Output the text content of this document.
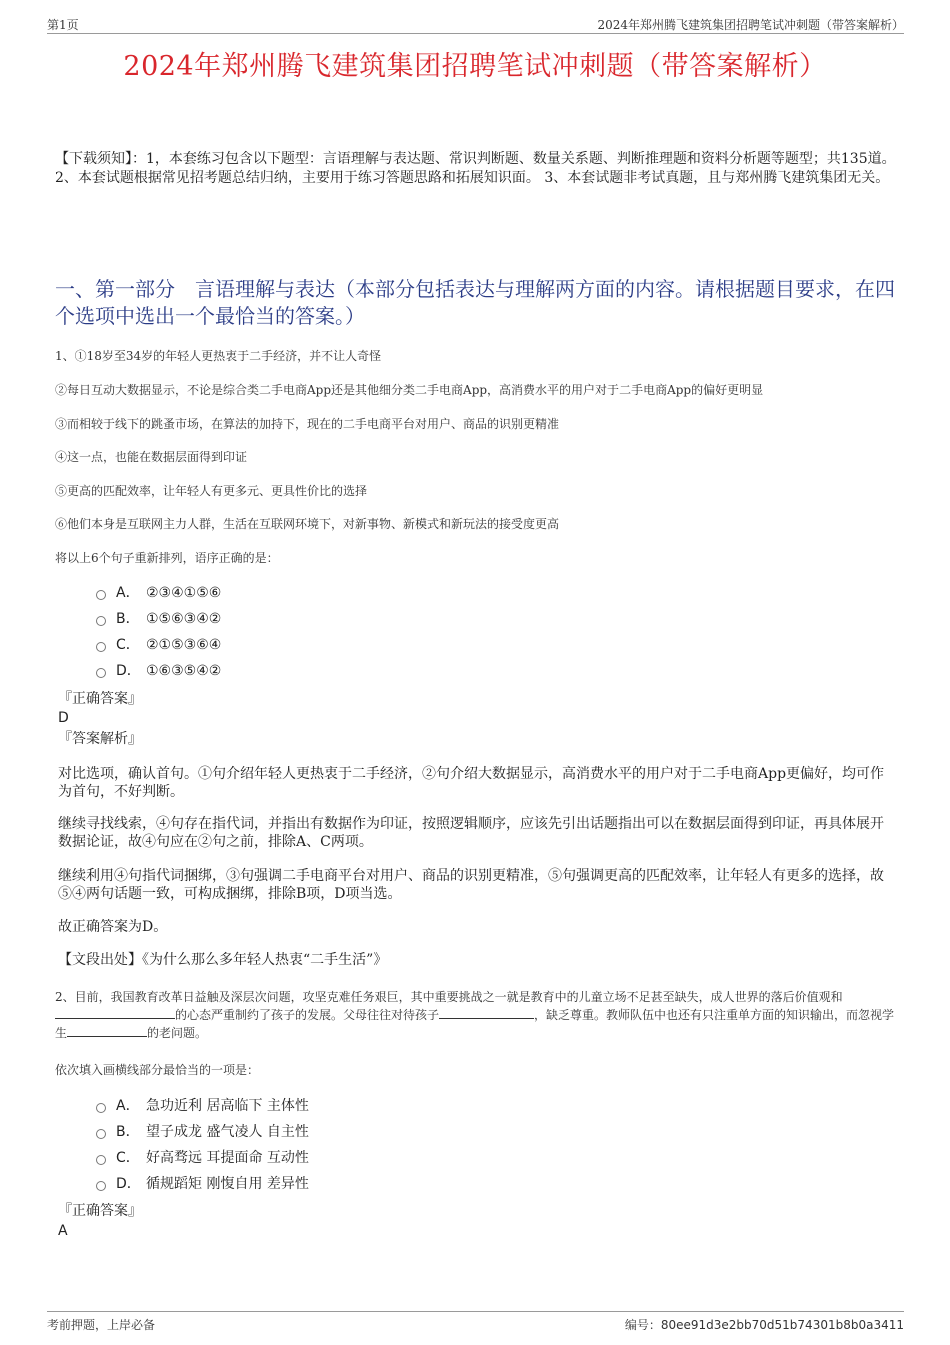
第1页	2024年郑州腾飞建筑集团招聘笔试冲刺题（带答案解析）
2024年郑州腾飞建筑集团招聘笔试冲刺题（带答案解析）
【下载须知】：1，本套练习包含以下题型：言语理解与表达题、常识判断题、数量关系题、判断推理题和资料分析题等题型；共135道。 2、本套试题根据常见招考题总结归纳，主要用于练习答题思路和拓展知识面。 3、本套试题非考试真题，且与郑州腾飞建筑集团无关。
一、第一部分　言语理解与表达（本部分包括表达与理解两方面的内容。请根据题目要求，在四个选项中选出一个最恰当的答案。）
1、①18岁至34岁的年轻人更热衷于二手经济，并不让人奇怪
②每日互动大数据显示，不论是综合类二手电商App还是其他细分类二手电商App，高消费水平的用户对于二手电商App的偏好更明显
③而相较于线下的跳蚤市场，在算法的加持下，现在的二手电商平台对用户、商品的识别更精准
④这一点，也能在数据层面得到印证
⑤更高的匹配效率，让年轻人有更多元、更具性价比的选择
⑥他们本身是互联网主力人群，生活在互联网环境下，对新事物、新模式和新玩法的接受度更高
将以上6个句子重新排列，语序正确的是：
A． ②③④①⑤⑥
B． ①⑤⑥③④②
C． ②①⑤③⑥④
D． ①⑥③⑤④②
『正确答案』
D
『答案解析』
对比选项，确认首句。①句介绍年轻人更热衷于二手经济，②句介绍大数据显示，高消费水平的用户对于二手电商App更偏好，均可作为首句，不好判断。
继续寻找线索，④句存在指代词，并指出有数据作为印证，按照逻辑顺序，应该先引出话题指出可以在数据层面得到印证，再具体展开数据论证，故④句应在②句之前，排除A、C两项。
继续利用④句指代词捆绑，③句强调二手电商平台对用户、商品的识别更精准，⑤句强调更高的匹配效率，让年轻人有更多的选择，故⑤④两句话题一致，可构成捆绑，排除B项，D项当选。
故正确答案为D。
【文段出处】《为什么那么多年轻人热衷“二手生活”》
2、目前，我国教育改革日益触及深层次问题，攻坚克难任务艰巨，其中重要挑战之一就是教育中的儿童立场不足甚至缺失，成人世界的落后价值观和的心态严重制约了孩子的发展。父母往往对待孩子	，缺乏尊重。教师队伍中也还有只注重单方面的知识输出，而忽视学生	的老问题。
依次填入画横线部分最恰当的一项是：
A． 急功近利 居高临下 主体性
B． 望子成龙 盛气凌人 自主性
C． 好高骛远 耳提面命 互动性
D． 循规蹈矩 刚愎自用 差异性
『正确答案』
A
考前押题，上岸必备	编号：80ee91d3e2bb70d51b74301b8b0a3411
